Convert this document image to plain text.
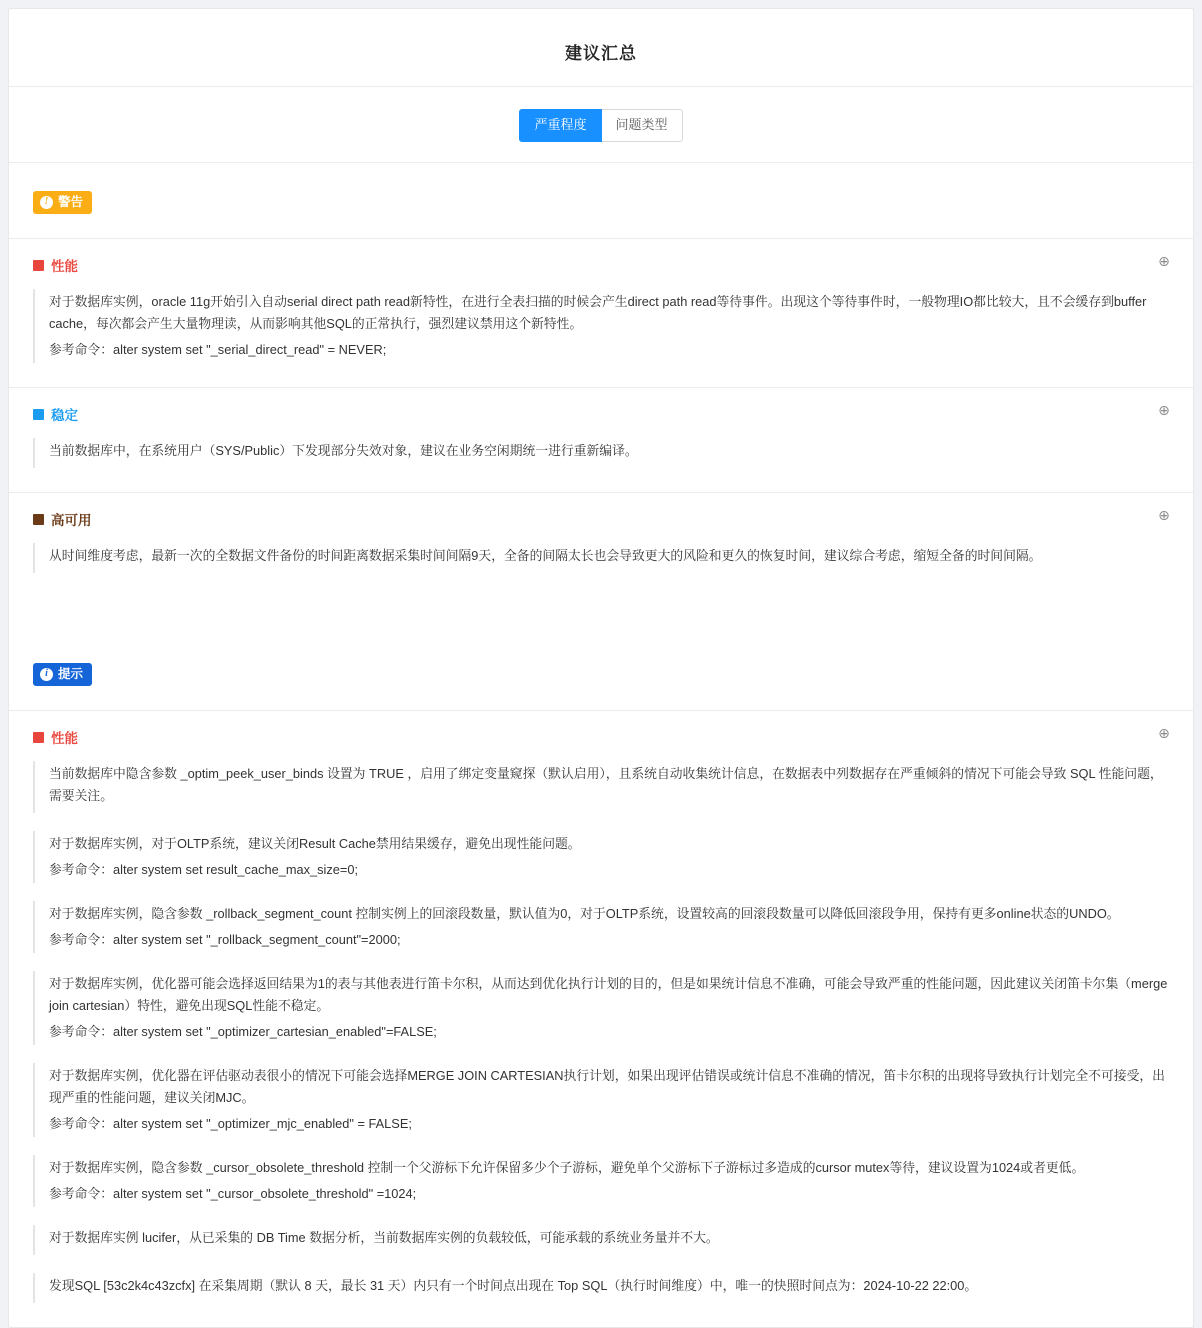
建议汇总
严重程度	问题类型
! 警告
性能	⊕

对于数据库实例，oracle 11g开始引入自动serial direct path read新特性，在进行全表扫描的时候会产生direct path read等待事件。出现这个等待事件时，一般物理IO都比较大，且不会缓存到buffer cache，每次都会产生大量物理读，从而影响其他SQL的正常执行，强烈建议禁用这个新特性。

参考命令：alter system set "_serial_direct_read" = NEVER;

稳定	⊕

当前数据库中，在系统用户（SYS/Public）下发现部分失效对象，建议在业务空闲期统一进行重新编译。

高可用	⊕

从时间维度考虑，最新一次的全数据文件备份的时间距离数据采集时间间隔9天，全备的间隔太长也会导致更大的风险和更久的恢复时间，建议综合考虑，缩短全备的时间间隔。

i 提示
性能	⊕

当前数据库中隐含参数 _optim_peek_user_binds 设置为 TRUE ，启用了绑定变量窥探（默认启用），且系统自动收集统计信息，在数据表中列数据存在严重倾斜的情况下可能会导致 SQL 性能问题，需要关注。

对于数据库实例，对于OLTP系统，建议关闭Result Cache禁用结果缓存，避免出现性能问题。

参考命令：alter system set result_cache_max_size=0;

对于数据库实例，隐含参数 _rollback_segment_count 控制实例上的回滚段数量，默认值为0，对于OLTP系统，设置较高的回滚段数量可以降低回滚段争用，保持有更多online状态的UNDO。

参考命令：alter system set "_rollback_segment_count"=2000;

对于数据库实例，优化器可能会选择返回结果为1的表与其他表进行笛卡尔积，从而达到优化执行计划的目的，但是如果统计信息不准确，可能会导致严重的性能问题，因此建议关闭笛卡尔集（merge join cartesian）特性，避免出现SQL性能不稳定。

参考命令：alter system set "_optimizer_cartesian_enabled"=FALSE;

对于数据库实例，优化器在评估驱动表很小的情况下可能会选择MERGE JOIN CARTESIAN执行计划，如果出现评估错误或统计信息不准确的情况，笛卡尔积的出现将导致执行计划完全不可接受，出现严重的性能问题，建议关闭MJC。

参考命令：alter system set "_optimizer_mjc_enabled" = FALSE;

对于数据库实例，隐含参数 _cursor_obsolete_threshold 控制一个父游标下允许保留多少个子游标，避免单个父游标下子游标过多造成的cursor mutex等待，建议设置为1024或者更低。

参考命令：alter system set "_cursor_obsolete_threshold" =1024;

对于数据库实例 lucifer，从已采集的 DB Time 数据分析，当前数据库实例的负载较低，可能承载的系统业务量并不大。

发现SQL [53c2k4c43zcfx] 在采集周期（默认 8 天，最长 31 天）内只有一个时间点出现在 Top SQL（执行时间维度）中，唯一的快照时间点为：2024-10-22 22:00。
